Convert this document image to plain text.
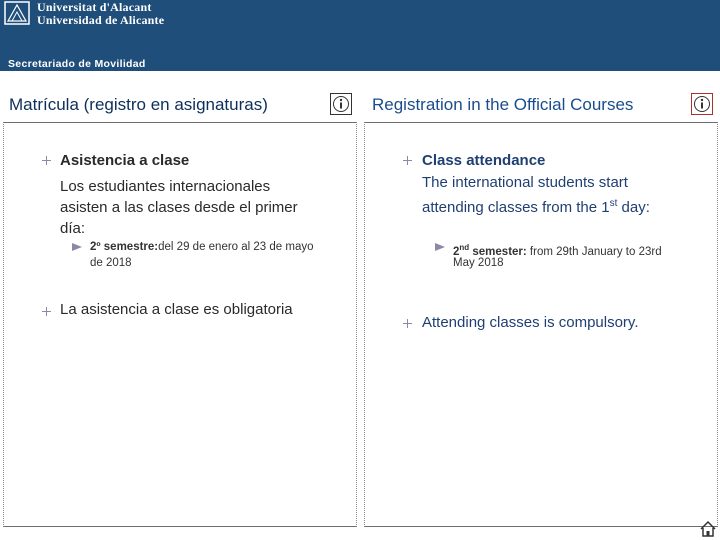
Universitat d'Alacant
Universidad de Alicante
Secretariado de Movilidad
Matrícula (registro en asignaturas)	Registration in the Official Courses
Asistencia a clase
Los estudiantes internacionales
asisten a las clases desde el primer
día:
2º semestre:del 29 de enero al 23 de mayo
de 2018
La asistencia a clase es obligatoria
Class attendance
The international students start
attending classes from the 1st day:
2nd semester: from 29th January to 23rd
May 2018
Attending classes is compulsory.
